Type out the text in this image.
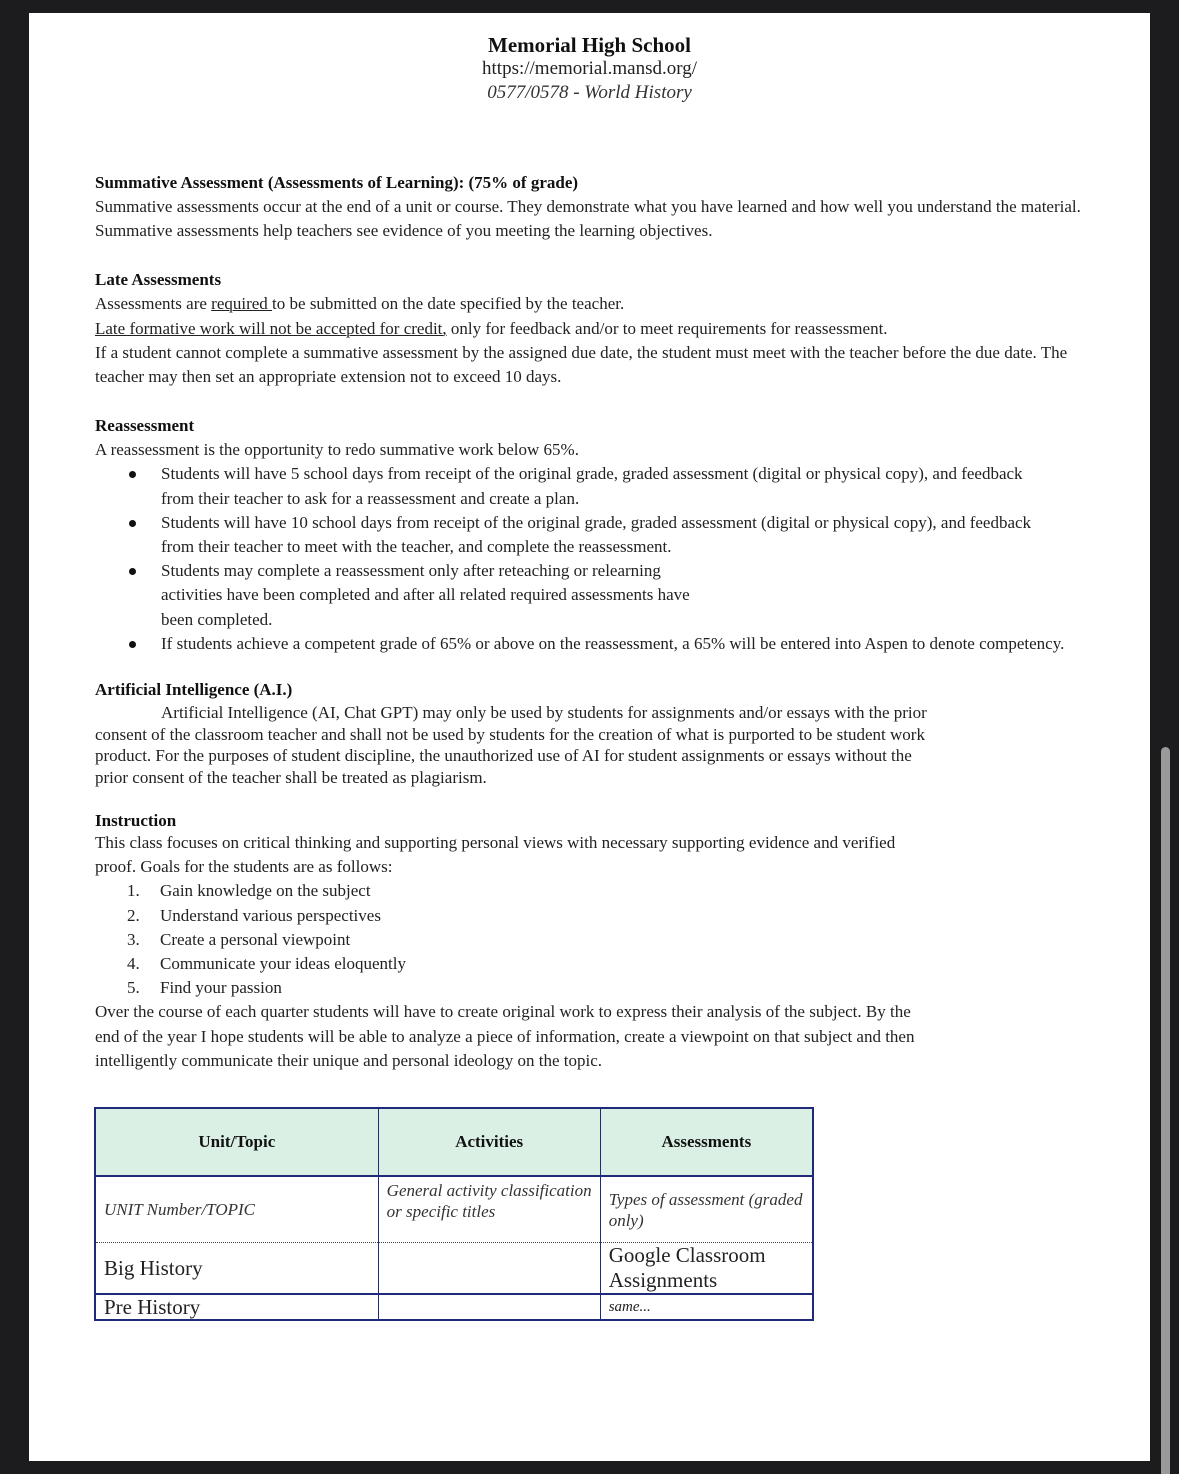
Memorial High School
https://memorial.mansd.org/
0577/0578 - World History
Summative Assessment (Assessments of Learning): (75% of grade)

Summative assessments occur at the end of a unit or course. They demonstrate what you have learned and how well you understand the material. Summative assessments help teachers see evidence of you meeting the learning objectives.

Late Assessments

Assessments are required to be submitted on the date specified by the teacher.

Late formative work will not be accepted for credit, only for feedback and/or to meet requirements for reassessment.

If a student cannot complete a summative assessment by the assigned due date, the student must meet with the teacher before the due date. The teacher may then set an appropriate extension not to exceed 10 days.

Reassessment

A reassessment is the opportunity to redo summative work below 65%.

Students will have 5 school days from receipt of the original grade, graded assessment (digital or physical copy), and feedback from their teacher to ask for a reassessment and create a plan.
Students will have 10 school days from receipt of the original grade, graded assessment (digital or physical copy), and feedback from their teacher to meet with the teacher, and complete the reassessment.
Students may complete a reassessment only after reteaching or relearning activities have been completed and after all related required assessments have been completed.
If students achieve a competent grade of 65% or above on the reassessment, a 65% will be entered into Aspen to denote competency.
Artificial Intelligence (A.I.)

Artificial Intelligence (AI, Chat GPT) may only be used by students for assignments and/or essays with the prior consent of the classroom teacher and shall not be used by students for the creation of what is purported to be student work product. For the purposes of student discipline, the unauthorized use of AI for student assignments or essays without the prior consent of the teacher shall be treated as plagiarism.

Instruction

This class focuses on critical thinking and supporting personal views with necessary supporting evidence and verified proof. Goals for the students are as follows:

1. Gain knowledge on the subject
2. Understand various perspectives
3. Create a personal viewpoint
4. Communicate your ideas eloquently
5. Find your passion

Over the course of each quarter students will have to create original work to express their analysis of the subject. By the end of the year I hope students will be able to analyze a piece of information, create a viewpoint on that subject and then intelligently communicate their unique and personal ideology on the topic.

Unit/Topic	Activities	Assessments
UNIT Number/TOPIC	General activity classification or specific titles	Types of assessment (graded only)
Big History		Google Classroom Assignments
Pre History		same...
